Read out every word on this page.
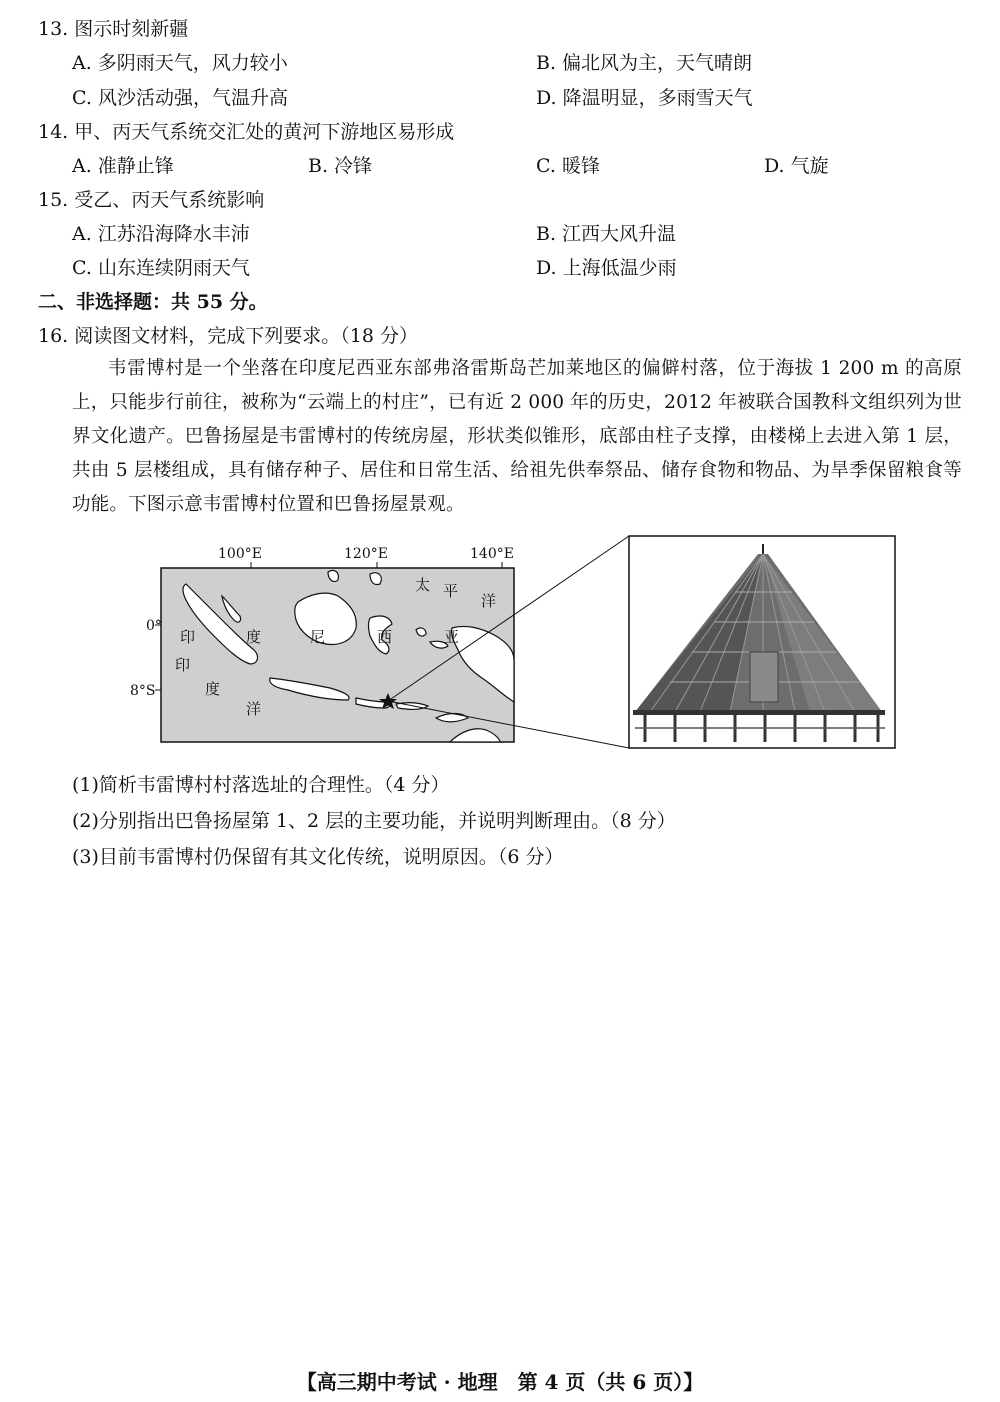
13. 图示时刻新疆
A. 多阴雨天气，风力较小	B. 偏北风为主，天气晴朗
C. 风沙活动强，气温升高	D. 降温明显，多雨雪天气
14. 甲、丙天气系统交汇处的黄河下游地区易形成
A. 准静止锋	B. 冷锋	C. 暖锋	D. 气旋
15. 受乙、丙天气系统影响
A. 江苏沿海降水丰沛	B. 江西大风升温
C. 山东连续阴雨天气	D. 上海低温少雨
二、非选择题：共 55 分。
16. 阅读图文材料，完成下列要求。（18 分）
韦雷博村是一个坐落在印度尼西亚东部弗洛雷斯岛芒加莱地区的偏僻村落，位于海拔 1 200 m 的高原上，只能步行前往，被称为“云端上的村庄”，已有近 2 000 年的历史，2012 年被联合国教科文组织列为世界文化遗产。巴鲁扬屋是韦雷博村的传统房屋，形状类似锥形，底部由柱子支撑，由楼梯上去进入第 1 层，共由 5 层楼组成，具有储存种子、居住和日常生活、给祖先供奉祭品、储存食物和物品、为旱季保留粮食等功能。下图示意韦雷博村位置和巴鲁扬屋景观。
100°E	120°E	140°E
0°
8°S
太 平
洋
印	度	尼	西	亚
印
度
洋
(1)简析韦雷博村村落选址的合理性。（4 分）
(2)分别指出巴鲁扬屋第 1、2 层的主要功能，并说明判断理由。（8 分）
(3)目前韦雷博村仍保留有其文化传统，说明原因。（6 分）
【高三期中考试 · 地理　第 4 页（共 6 页）】
